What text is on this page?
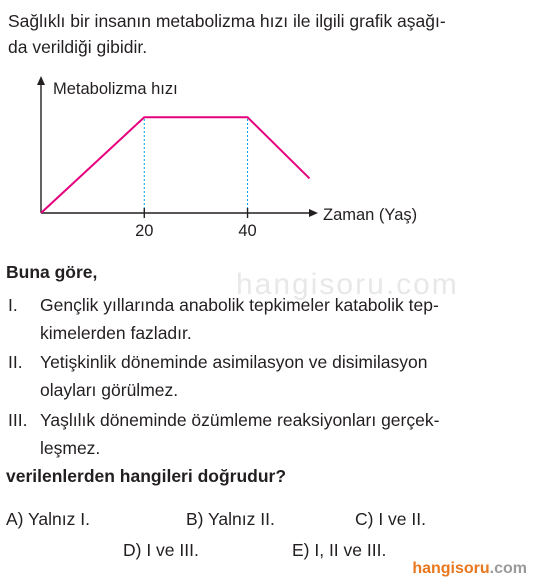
Sağlıklı bir insanın metabolizma hızı ile ilgili grafik aşağı-
da verildiği gibidir.
Metabolizma hızı
Zaman (Yaş)
20	40
hangisoru.com
Buna göre,
I. Gençlik yıllarında anabolik tepkimeler katabolik tep-
kimelerden fazladır.
II. Yetişkinlik döneminde asimilasyon ve disimilasyon
olayları görülmez.
III. Yaşlılık döneminde özümleme reaksiyonları gerçek-
leşmez.
verilenlerden hangileri doğrudur?
A) Yalnız I.	B) Yalnız II.	C) I ve II.
D) I ve III.	E) I, II ve III.
hangisoru.com
